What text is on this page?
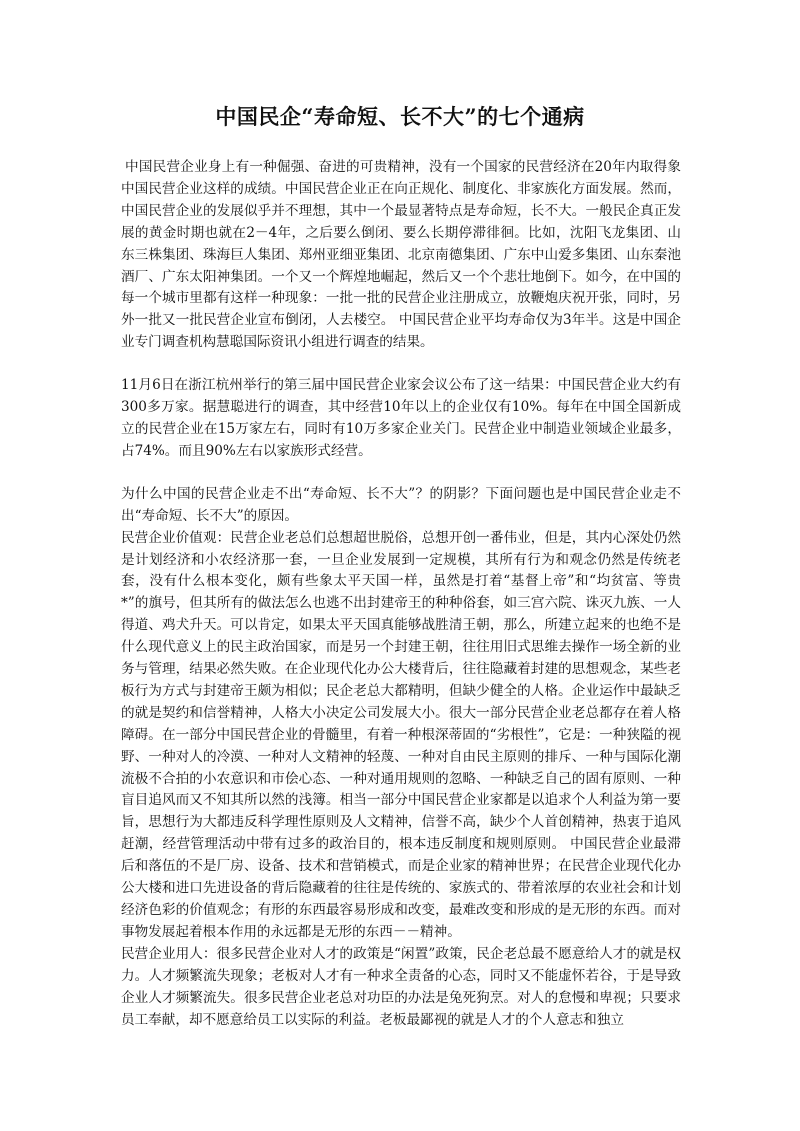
中国民企“寿命短、长不大”的七个通病

中国民营企业身上有一种倔强、奋进的可贵精神，没有一个国家的民营经济在20年内取得象中国民营企业这样的成绩。中国民营企业正在向正规化、制度化、非家族化方面发展。然而，中国民营企业的发展似乎并不理想，其中一个最显著特点是寿命短，长不大。一般民企真正发展的黄金时期也就在2－4年，之后要么倒闭、要么长期停滞徘徊。比如，沈阳飞龙集团、山东三株集团、珠海巨人集团、郑州亚细亚集团、北京南德集团、广东中山爱多集团、山东秦池酒厂、广东太阳神集团。一个又一个辉煌地崛起，然后又一个个悲壮地倒下。如今，在中国的每一个城市里都有这样一种现象：一批一批的民营企业注册成立，放鞭炮庆祝开张，同时，另外一批又一批民营企业宣布倒闭，人去楼空。 中国民营企业平均寿命仅为3年半。这是中国企业专门调查机构慧聪国际资讯小组进行调查的结果。

11月6日在浙江杭州举行的第三届中国民营企业家会议公布了这一结果：中国民营企业大约有300多万家。据慧聪进行的调查，其中经营10年以上的企业仅有10%。每年在中国全国新成立的民营企业在15万家左右，同时有10万多家企业关门。民营企业中制造业领域企业最多，占74%。而且90%左右以家族形式经营。

为什么中国的民营企业走不出“寿命短、长不大”？的阴影？下面问题也是中国民营企业走不出“寿命短、长不大”的原因。

民营企业价值观：民营企业老总们总想超世脱俗，总想开创一番伟业，但是，其内心深处仍然是计划经济和小农经济那一套，一旦企业发展到一定规模，其所有行为和观念仍然是传统老套，没有什么根本变化，颇有些象太平天国一样，虽然是打着“基督上帝”和“均贫富、等贵*”的旗号，但其所有的做法怎么也逃不出封建帝王的种种俗套，如三宫六院、诛灭九族、一人得道、鸡犬升天。可以肯定，如果太平天国真能够战胜清王朝，那么，所建立起来的也绝不是什么现代意义上的民主政治国家，而是另一个封建王朝，往往用旧式思维去操作一场全新的业务与管理，结果必然失败。在企业现代化办公大楼背后，往往隐藏着封建的思想观念，某些老板行为方式与封建帝王颇为相似；民企老总大都精明，但缺少健全的人格。企业运作中最缺乏的就是契约和信誉精神，人格大小决定公司发展大小。很大一部分民营企业老总都存在着人格障碍。在一部分中国民营企业的骨髓里，有着一种根深蒂固的“劣根性”，它是：一种狭隘的视野、一种对人的冷漠、一种对人文精神的轻蔑、一种对自由民主原则的排斥、一种与国际化潮流极不合拍的小农意识和市侩心态、一种对通用规则的忽略、一种缺乏自己的固有原则、一种盲目追风而又不知其所以然的浅簿。相当一部分中国民营企业家都是以追求个人利益为第一要旨，思想行为大都违反科学理性原则及人文精神，信誉不高，缺少个人首创精神，热衷于追风赶潮，经营管理活动中带有过多的政治目的，根本违反制度和规则原则。 中国民营企业最滞后和落伍的不是厂房、设备、技术和营销模式，而是企业家的精神世界；在民营企业现代化办公大楼和进口先进设备的背后隐藏着的往往是传统的、家族式的、带着浓厚的农业社会和计划经济色彩的价值观念；有形的东西最容易形成和改变，最难改变和形成的是无形的东西。而对事物发展起着根本作用的永远都是无形的东西－－精神。

民营企业用人：很多民营企业对人才的政策是“闲置”政策，民企老总最不愿意给人才的就是权力。人才频繁流失现象；老板对人才有一种求全责备的心态，同时又不能虚怀若谷，于是导致企业人才频繁流失。很多民营企业老总对功臣的办法是兔死狗烹。对人的怠慢和卑视；只要求员工奉献，却不愿意给员工以实际的利益。老板最鄙视的就是人才的个人意志和独立
